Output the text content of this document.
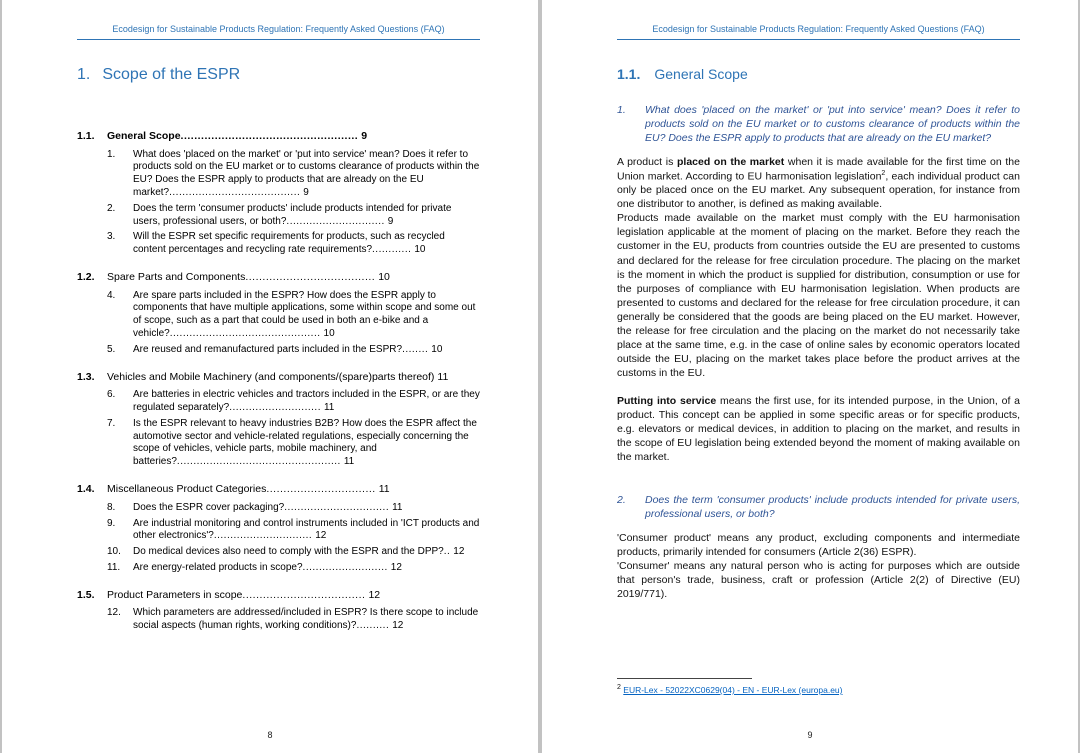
Ecodesign for Sustainable Products Regulation: Frequently Asked Questions (FAQ)
1. Scope of the ESPR
1.1.	General Scope.................................................... 9
1.	What does 'placed on the market' or 'put into service' mean? Does it refer to products sold on the EU market or to customs clearance of products within the EU? Does the ESPR apply to products that are already on the EU market?........................................ 9
2.	Does the term 'consumer products' include products intended for private users, professional users, or both?.............................. 9
3.	Will the ESPR set specific requirements for products, such as recycled content percentages and recycling rate requirements?............ 10
1.2.	Spare Parts and Components...................................... 10
4.	Are spare parts included in the ESPR? How does the ESPR apply to components that have multiple applications, some within scope and some out of scope, such as a part that could be used in both an e-bike and a vehicle?.............................................. 10
5.	Are reused and remanufactured parts included in the ESPR?........ 10
1.3.	Vehicles and Mobile Machinery (and components/(spare)parts thereof) 11
6.	Are batteries in electric vehicles and tractors included in the ESPR, or are they regulated separately?............................ 11
7.	Is the ESPR relevant to heavy industries B2B? How does the ESPR affect the automotive sector and vehicle-related regulations, especially concerning the scope of vehicles, vehicle parts, mobile machinery, and batteries?.................................................. 11
1.4.	Miscellaneous Product Categories................................ 11
8.	Does the ESPR cover packaging?................................ 11
9.	Are industrial monitoring and control instruments included in 'ICT products and other electronics'?.............................. 12
10.	Do medical devices also need to comply with the ESPR and the DPP?.. 12
11.	Are energy-related products in scope?.......................... 12
1.5.	Product Parameters in scope.................................... 12
12.	Which parameters are addressed/included in ESPR? Is there scope to include social aspects (human rights, working conditions)?.......... 12
8
Ecodesign for Sustainable Products Regulation: Frequently Asked Questions (FAQ)
1.1. General Scope
1.	What does 'placed on the market' or 'put into service' mean? Does it refer to products sold on the EU market or to customs clearance of products within the EU? Does the ESPR apply to products that are already on the EU market?

A product is placed on the market when it is made available for the first time on the Union market. According to EU harmonisation legislation$^2$, each individual product can only be placed once on the EU market. Any subsequent operation, for instance from one distributor to another, is defined as making available.

Products made available on the market must comply with the EU harmonisation legislation applicable at the moment of placing on the market. Before they reach the customer in the EU, products from countries outside the EU are presented to customs and declared for the release for free circulation procedure. The placing on the market is the moment in which the product is supplied for distribution, consumption or use for the purposes of compliance with EU harmonisation legislation. When products are presented to customs and declared for the release for free circulation procedure, it can generally be considered that the goods are being placed on the EU market. However, the release for free circulation and the placing on the market do not necessarily take place at the same time, e.g. in the case of online sales by economic operators located outside the EU, placing on the market takes place before the product arrives at the customs in the EU.

Putting into service means the first use, for its intended purpose, in the Union, of a product. This concept can be applied in some specific areas or for specific products, e.g. elevators or medical devices, in addition to placing on the market, and results in the scope of EU legislation being extended beyond the moment of making available on the market.

2.	Does the term 'consumer products' include products intended for private users, professional users, or both?

'Consumer product' means any product, excluding components and intermediate products, primarily intended for consumers (Article 2(36) ESPR).

'Consumer' means any natural person who is acting for purposes which are outside that person's trade, business, craft or profession (Article 2(2) of Directive (EU) 2019/771).

$^2$ EUR-Lex - 52022XC0629(04) - EN - EUR-Lex (europa.eu)
9
